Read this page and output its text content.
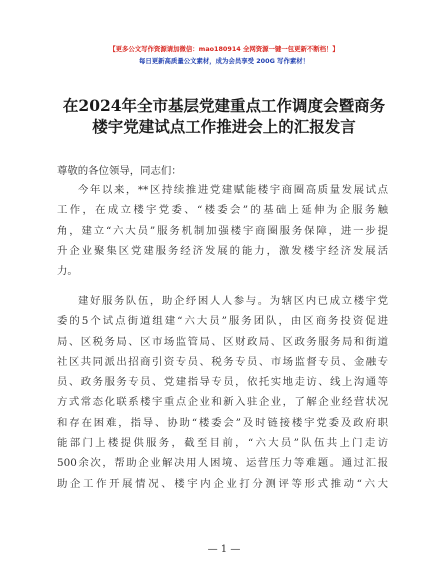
【更多公文写作资源请加微信：mao180914 全网资源一键一包更新不断档！】
每日更新高质量公文素材，成为会员享受 200G 写作素材！
在2024年全市基层党建重点工作调度会暨商务
楼宇党建试点工作推进会上的汇报发言
尊敬的各位领导，同志们：
今年以来，**区持续推进党建赋能楼宇商圈高质量发展试点
工作，在成立楼宇党委、“楼委会”的基础上延伸为企服务触
角，建立“六大员”服务机制加强楼宇商圈服务保障，进一步提
升企业聚集区党建服务经济发展的能力，激发楼宇经济发展活
力。
建好服务队伍，助企纾困人人参与。为辖区内已成立楼宇党
委的5个试点街道组建“六大员”服务团队，由区商务投资促进
局、区税务局、区市场监管局、区财政局、区政务服务局和街道
社区共同派出招商引资专员、税务专员、市场监督专员、金融专
员、政务服务专员、党建指导专员，依托实地走访、线上沟通等
方式常态化联系楼宇重点企业和新入驻企业，了解企业经营状况
和存在困难，指导、协助“楼委会”及时链接楼宇党委及政府职
能部门上楼提供服务，截至目前，“六大员”队伍共上门走访
500余次，帮助企业解决用人困境、运营压力等难题。通过汇报
助企工作开展情况、楼宇内企业打分测评等形式推动“六大
— 1 —
